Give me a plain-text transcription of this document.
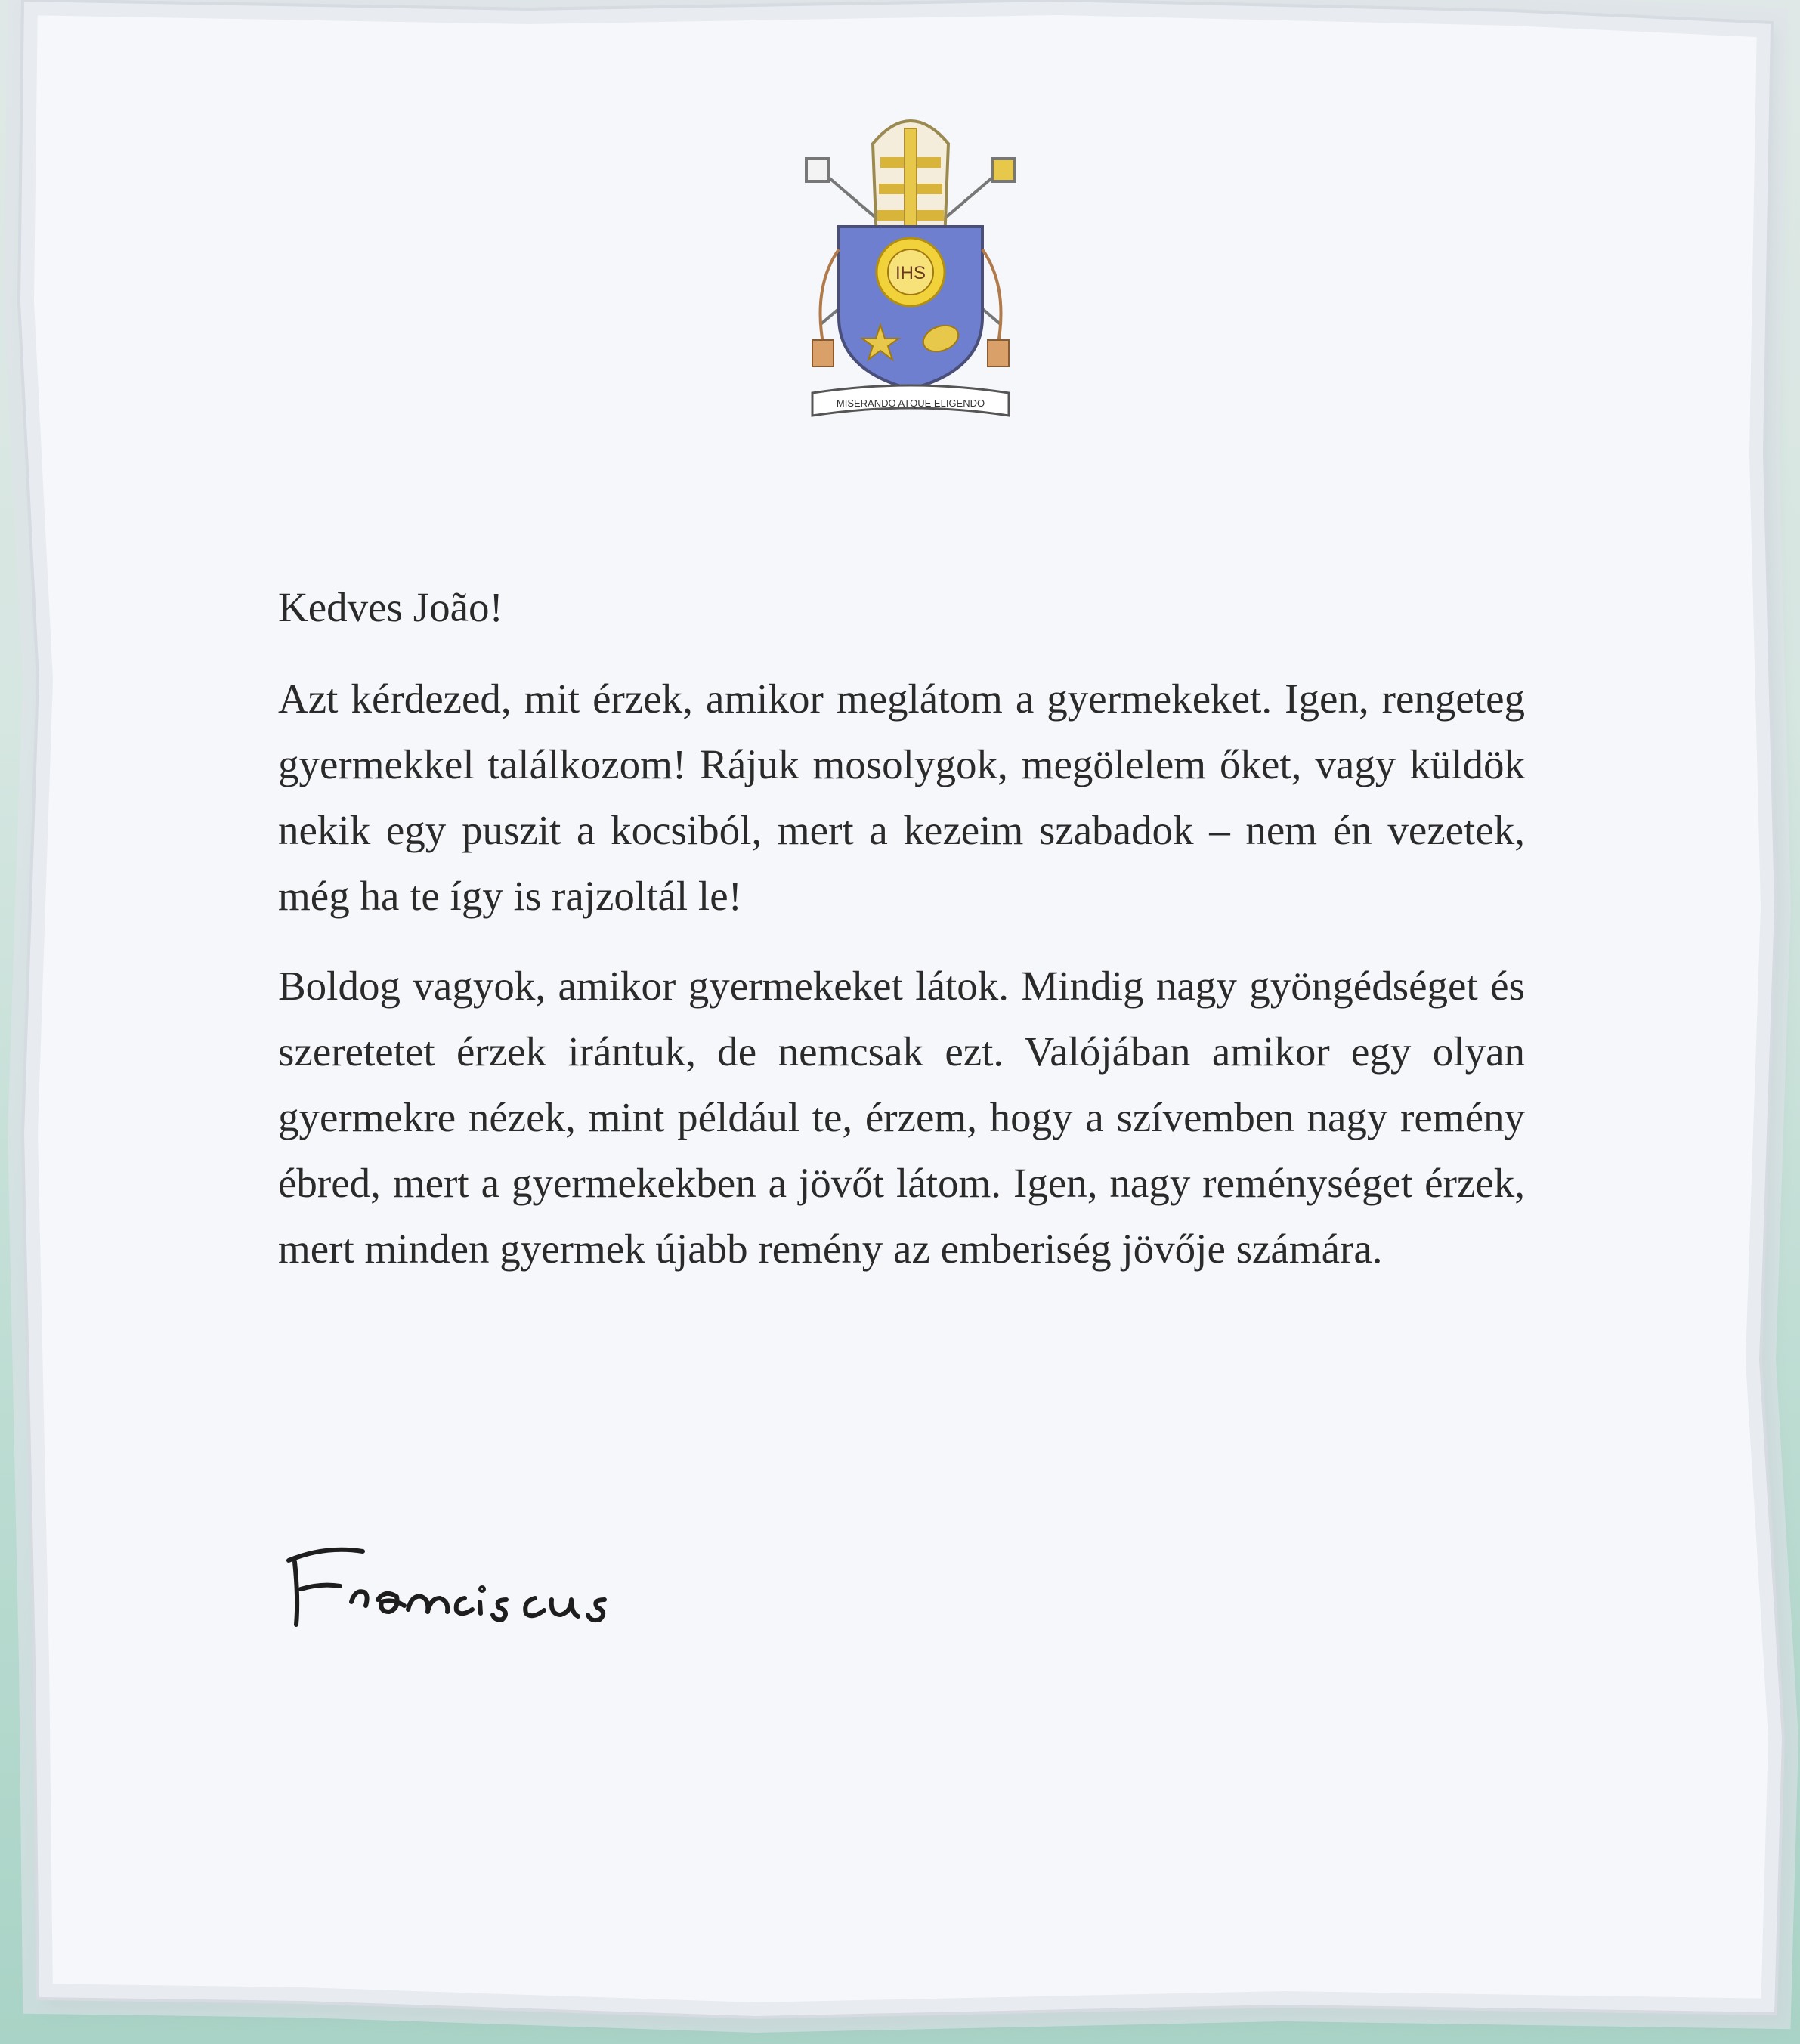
IHS
MISERANDO ATQUE ELIGENDO

Kedves João!

Azt kérdezed, mit érzek, amikor meglátom a gyermekeket. Igen, rengeteg gyermekkel találkozom! Rájuk mosolygok, megölelem őket, vagy küldök nekik egy puszit a kocsiból, mert a kezeim szabadok – nem én vezetek, még ha te így is rajzoltál le!

Boldog vagyok, amikor gyermekeket látok. Mindig nagy gyöngédséget és szeretetet érzek irántuk, de nemcsak ezt. Valójában amikor egy olyan gyermekre nézek, mint például te, érzem, hogy a szívemben nagy remény ébred, mert a gyermekekben a jövőt látom. Igen, nagy reménységet érzek, mert minden gyermek újabb remény az emberiség jövője számára.
